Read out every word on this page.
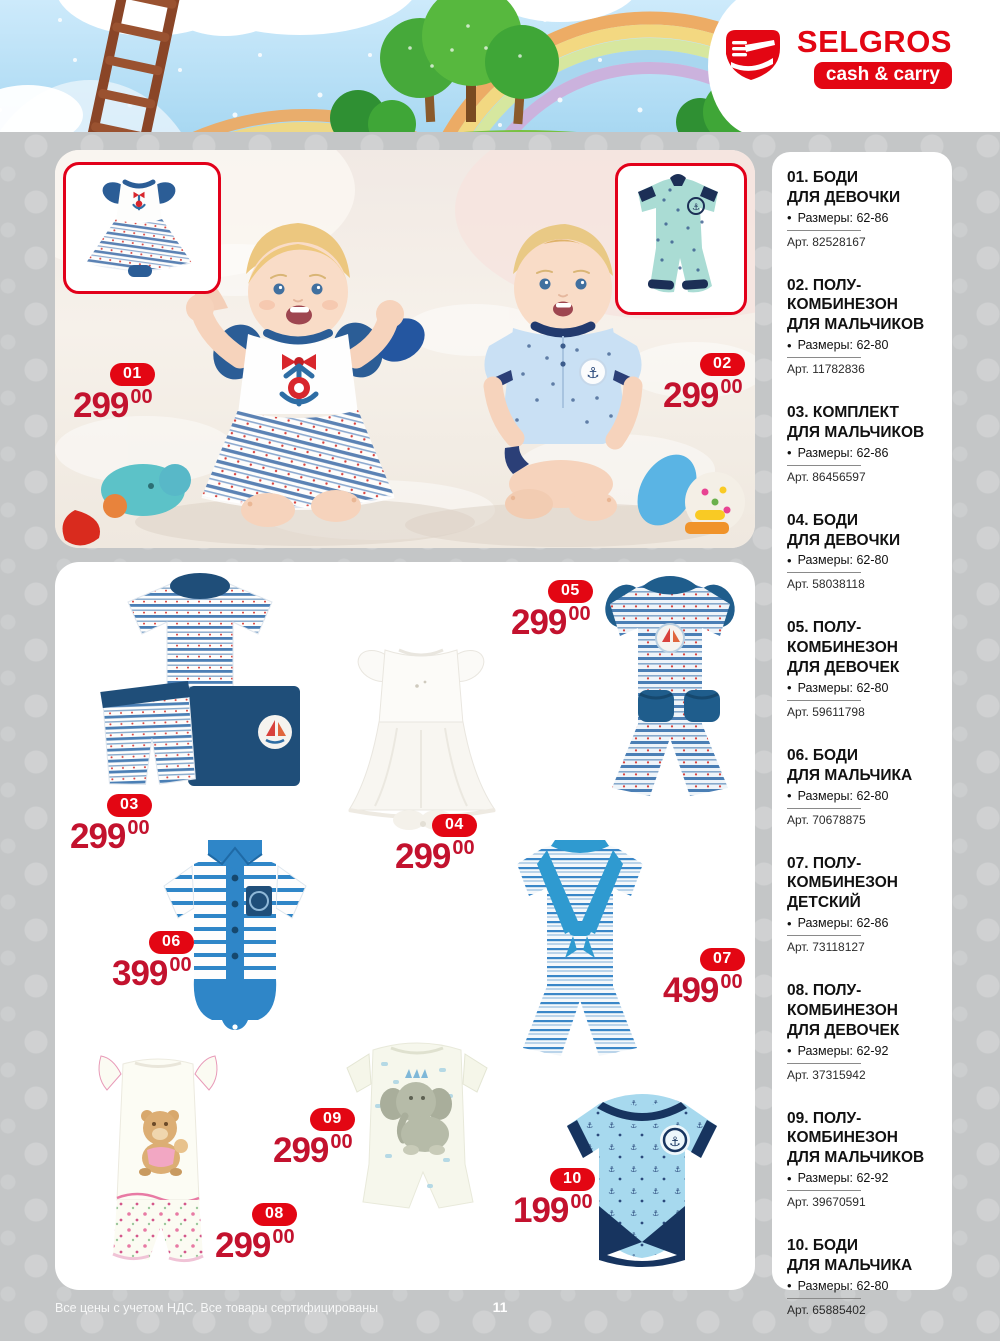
SELGROS
cash & carry
⚓
⚓
01
299 00
02
299 00
⚓
03
299 00	04
299 00
05
299 00
06
399 00	07
499 00
08
299 00
09
299 00
10
199 00
01. БОДИ
ДЛЯ ДЕВОЧКИ
• Размеры: 62-86
Арт. 82528167
02. ПОЛУ-
КОМБИНЕЗОН
ДЛЯ МАЛЬЧИКОВ
• Размеры: 62-80
Арт. 11782836
03. КОМПЛЕКТ
ДЛЯ МАЛЬЧИКОВ
• Размеры: 62-86
Арт. 86456597
04. БОДИ
ДЛЯ ДЕВОЧКИ
• Размеры: 62-80
Арт. 58038118
05. ПОЛУ-
КОМБИНЕЗОН
ДЛЯ ДЕВОЧЕК
• Размеры: 62-80
Арт. 59611798
06. БОДИ
ДЛЯ МАЛЬЧИКА
• Размеры: 62-80
Арт. 70678875
07. ПОЛУ-
КОМБИНЕЗОН
ДЕТСКИЙ
• Размеры: 62-86
Арт. 73118127
08. ПОЛУ-
КОМБИНЕЗОН
ДЛЯ ДЕВОЧЕК
• Размеры: 62-92
Арт. 37315942
09. ПОЛУ-
КОМБИНЕЗОН
ДЛЯ МАЛЬЧИКОВ
• Размеры: 62-92
Арт. 39670591
10. БОДИ
ДЛЯ МАЛЬЧИКА
• Размеры: 62-80
Арт. 65885402
Все цены с учетом НДС. Все товары сертифицированы	11
